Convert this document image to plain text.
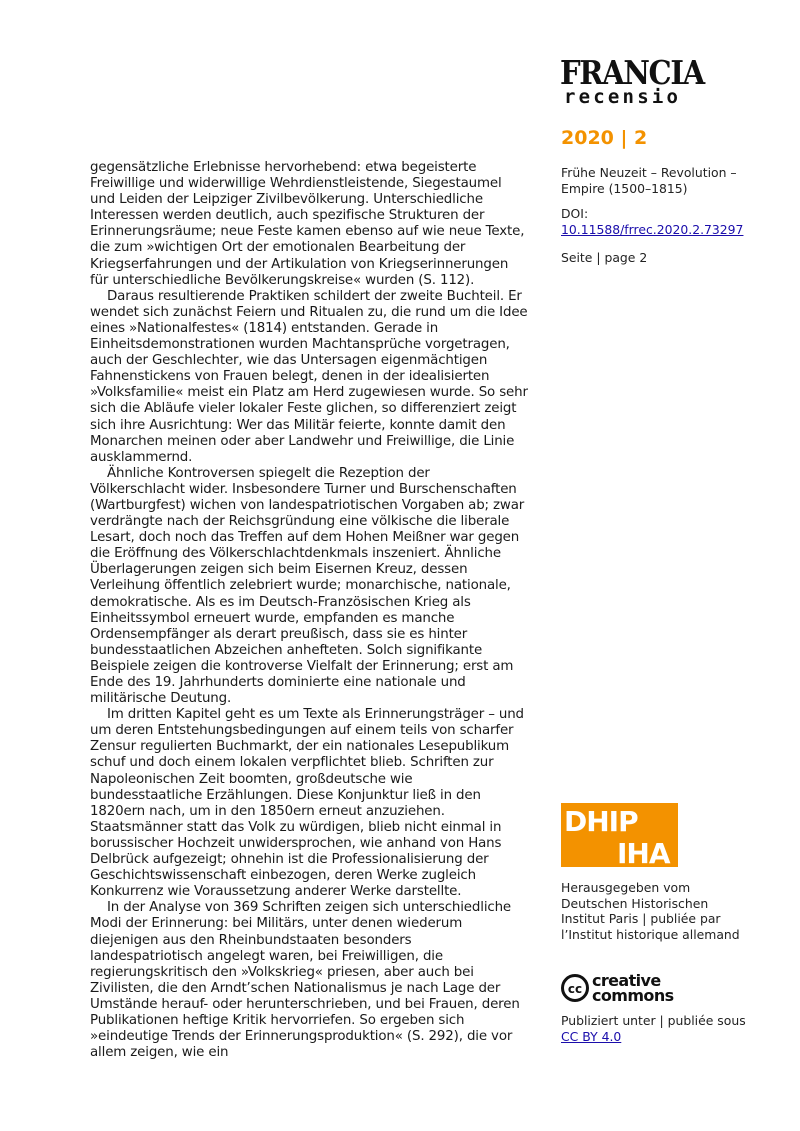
FRANCIA
recensio
2020 | 2
Frühe Neuzeit – Revolution – Empire (1500–1815)
DOI:
10.11588/frrec.2020.2.73297
Seite | page 2

gegensätzliche Erlebnisse hervorhebend: etwa begeisterte Freiwillige und widerwillige Wehrdienstleistende, Siegestaumel und Leiden der Leipziger Zivilbevölkerung. Unterschiedliche Interessen werden deutlich, auch spezifische Strukturen der Erinnerungsräume; neue Feste kamen ebenso auf wie neue Texte, die zum »wichtigen Ort der emotionalen Bearbeitung der Kriegserfahrungen und der Artikulation von Kriegserinnerungen für unterschiedliche Bevölkerungskreise« wurden (S. 112).

Daraus resultierende Praktiken schildert der zweite Buchteil. Er wendet sich zunächst Feiern und Ritualen zu, die rund um die Idee eines »Nationalfestes« (1814) entstanden. Gerade in Einheitsdemonstrationen wurden Machtansprüche vorgetragen, auch der Geschlechter, wie das Untersagen eigenmächtigen Fahnenstickens von Frauen belegt, denen in der idealisierten »Volksfamilie« meist ein Platz am Herd zugewiesen wurde. So sehr sich die Abläufe vieler lokaler Feste glichen, so differenziert zeigt sich ihre Ausrichtung: Wer das Militär feierte, konnte damit den Monarchen meinen oder aber Landwehr und Freiwillige, die Linie ausklammernd.

Ähnliche Kontroversen spiegelt die Rezeption der Völkerschlacht wider. Insbesondere Turner und Burschenschaften (Wartburgfest) wichen von landespatriotischen Vorgaben ab; zwar verdrängte nach der Reichsgründung eine völkische die liberale Lesart, doch noch das Treffen auf dem Hohen Meißner war gegen die Eröffnung des Völkerschlachtdenkmals inszeniert. Ähnliche Überlagerungen zeigen sich beim Eisernen Kreuz, dessen Verleihung öffentlich zelebriert wurde; monarchische, nationale, demokratische. Als es im Deutsch-Französischen Krieg als Einheitssymbol erneuert wurde, empfanden es manche Ordensempfänger als derart preußisch, dass sie es hinter bundesstaatlichen Abzeichen anhefteten. Solch signifikante Beispiele zeigen die kontroverse Vielfalt der Erinnerung; erst am Ende des 19. Jahrhunderts dominierte eine nationale und militärische Deutung.

Im dritten Kapitel geht es um Texte als Erinnerungsträger – und um deren Entstehungsbedingungen auf einem teils von scharfer Zensur regulierten Buchmarkt, der ein nationales Lesepublikum schuf und doch einem lokalen verpflichtet blieb. Schriften zur Napoleonischen Zeit boomten, großdeutsche wie bundesstaatliche Erzählungen. Diese Konjunktur ließ in den 1820ern nach, um in den 1850ern erneut anzuziehen. Staatsmänner statt das Volk zu würdigen, blieb nicht einmal in borussischer Hochzeit unwidersprochen, wie anhand von Hans Delbrück aufgezeigt; ohnehin ist die Professionalisierung der Geschichtswissenschaft einbezogen, deren Werke zugleich Konkurrenz wie Voraussetzung anderer Werke darstellte.

In der Analyse von 369 Schriften zeigen sich unterschiedliche Modi der Erinnerung: bei Militärs, unter denen wiederum diejenigen aus den Rheinbundstaaten besonders landespatriotisch angelegt waren, bei Freiwilligen, die regierungskritisch den »Volkskrieg« priesen, aber auch bei Zivilisten, die den Arndt’schen Nationalismus je nach Lage der Umstände herauf- oder herunterschrieben, und bei Frauen, deren Publikationen heftige Kritik hervorriefen. So ergeben sich »eindeutige Trends der Erinnerungsproduktion« (S. 292), die vor allem zeigen, wie ein

DHIP
IHA
Herausgegeben vom Deutschen Historischen Institut Paris | publiée par l’Institut historique allemand
cc creative
commons
Publiziert unter | publiée sous
CC BY 4.0
